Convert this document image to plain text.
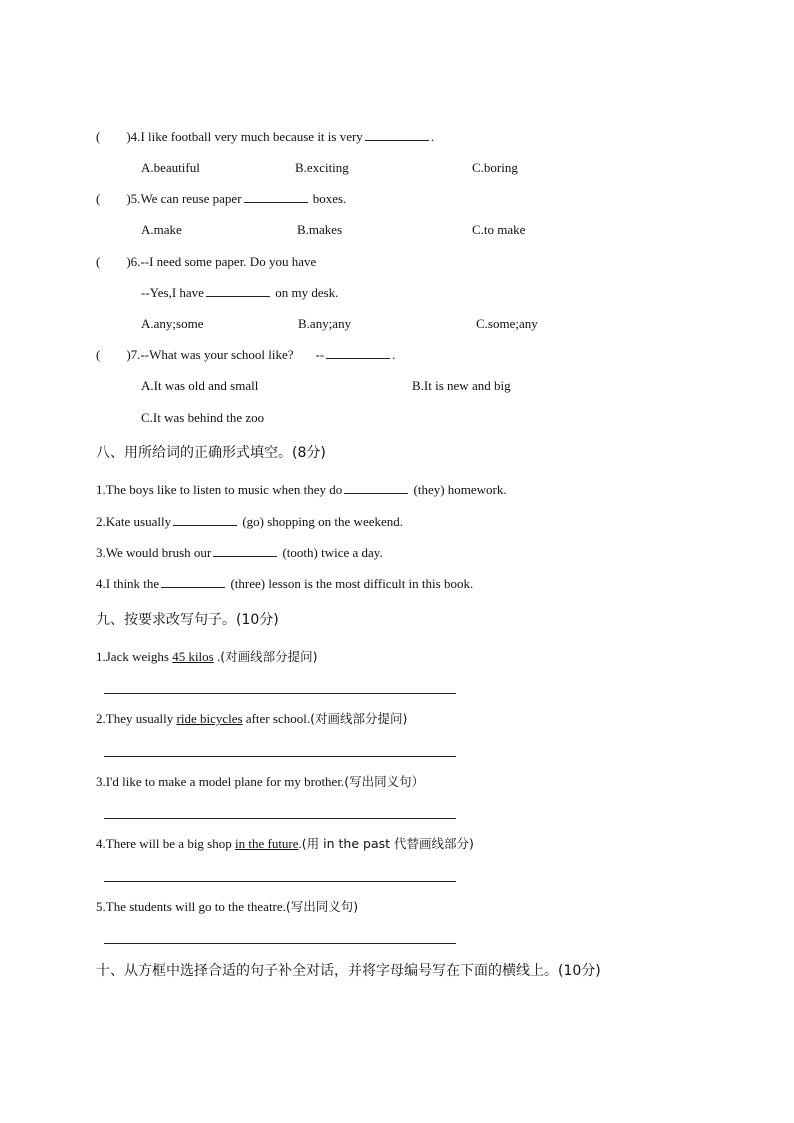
( )4.I like football very much because it is very	.
A.beautiful	B.exciting	C.boring
( )5.We can reuse paper	boxes.
A.make	B.makes	C.to make
( )6.--I need some paper. Do you have
--Yes,I have	on my desk.
A.any;some	B.any;any	C.some;any
( )7.--What was your school like? --	.
A.It was old and small	B.It is new and big
C.It was behind the zoo
八、用所给词的正确形式填空。(8分)
1.The boys like to listen to music when they do	(they) homework.
2.Kate usually	(go) shopping on the weekend.
3.We would brush our	(tooth) twice a day.
4.I think the	(three) lesson is the most difficult in this book.
九、按要求改写句子。(10分)
1.Jack weighs 45 kilos .(对画线部分提问)
2.They usually ride bicycles after school.(对画线部分提问)
3.I'd like to make a model plane for my brother.(写出同义句）
4.There will be a big shop in the future.(用 in the past 代替画线部分)
5.The students will go to the theatre.(写出同义句)
十、从方框中选择合适的句子补全对话，并将字母编号写在下面的横线上。(10分)
